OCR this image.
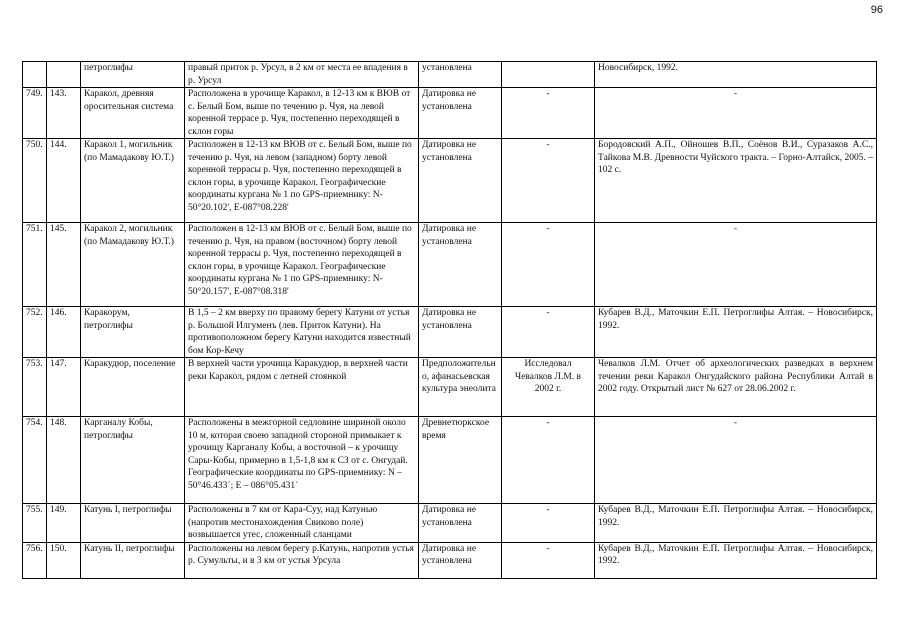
96
		петроглифы	правый приток р. Урсул, в 2 км от места ее впадения в р. Урсул	установлена		Новосибирск, 1992.
749.	143.	Каракол, древняя оросительная система	Расположена в урочище Каракол, в 12-13 км к ВЮВ от с. Белый Бом, выше по течению р. Чуя, на левой коренной террасе р. Чуя, постепенно переходящей в склон горы	Датировка не установлена	-	-
750.	144.	Каракол 1, могильник (по Мамадакову Ю.Т.)	Расположен в 12-13 км ВЮВ от с. Белый Бом, выше по течению р. Чуя, на левом (западном) борту левой коренной террасы р. Чуя, постепенно переходящей в склон горы, в урочище Каракол. Географические координаты кургана № 1 по GPS-приемнику: N-50°20.102', E-087°08.228'	Датировка не установлена	-	Бородовский А.П., Ойношев В.П., Соёнов В.И., Суразаков А.С., Тайкова М.В. Древности Чуйского тракта. – Горно-Алтайск, 2005. – 102 с.
751.	145.	Каракол 2, могильник (по Мамадакову Ю.Т.)	Расположен в 12-13 км ВЮВ от с. Белый Бом, выше по течению р. Чуя, на правом (восточном) борту левой коренной террасы р. Чуя, постепенно переходящей в склон горы, в урочище Каракол. Географические координаты кургана № 1 по GPS-приемнику: N-50°20.157', E-087°08.318'	Датировка не установлена	-	-
752.	146.	Каракорум, петроглифы	В 1,5 – 2 км вверху по правому берегу Катуни от устья р. Большой Илгуменъ (лев. Приток Катуни). На противоположном берегу Катуни находится известный бом Кор-Кечу	Датировка не установлена	-	Кубарев В.Д., Маточкин Е.П. Петроглифы Алтая. – Новосибирск, 1992.
753.	147.	Каракудюр, поселение	В верхней части урочища Каракудюр, в верхней части реки Каракол, рядом с летней стоянкой	Предположительно, афанасьевская культура энеолита	Исследовал Чевалков Л.М. в 2002 г.	Чевалков Л.М. Отчет об археологических разведках в верхнем течении реки Каракол Онгудайского района Республики Алтай в 2002 году. Открытый лист № 627 от 28.06.2002 г.
754.	148.	Карганалу Кобы, петроглифы	Расположены в межгорной седловине шириной около 10 м, которая своею западной стороной примыкает к урочищу Карганалу Кобы, а восточной – к урочищу Сары-Кобы, примерно в 1,5-1,8 км к СЗ от с. Онгудай. Географические координаты по GPS-приемнику: N – 50°46.433´; E – 086°05.431´	Древнетюркское время	-	-
755.	149.	Катунь I, петроглифы	Расположены в 7 км от Кара-Суу, над Катунью (напротив местонахождения Свиково поле) возвышается утес, сложенный сланцами	Датировка не установлена	-	Кубарев В.Д., Маточкин Е.П. Петроглифы Алтая. – Новосибирск, 1992.
756.	150.	Катунь II, петроглифы	Расположены на левом берегу р.Катунь, напротив устья р. Сумульты, и в 3 км от устья Урсула	Датировка не установлена	-	Кубарев В.Д., Маточкин Е.П. Петроглифы Алтая. – Новосибирск, 1992.
